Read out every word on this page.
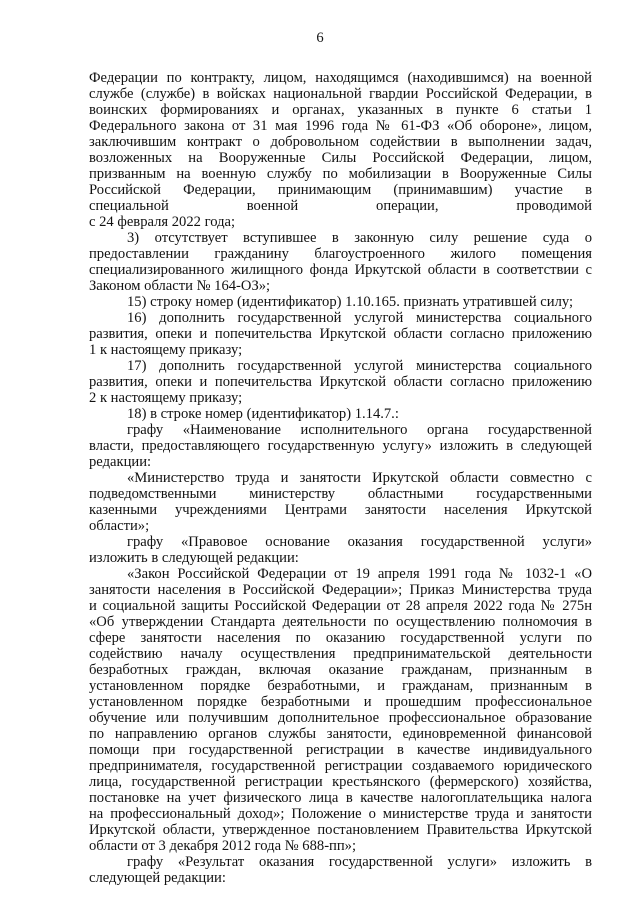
6
Федерации по контракту, лицом, находящимся (находившимся) на военной
службе (службе) в войсках национальной гвардии Российской Федерации, в
воинских формированиях и органах, указанных в пункте 6 статьи 1
Федерального закона от 31 мая 1996 года № 61-ФЗ «Об обороне», лицом,
заключившим контракт о добровольном содействии в выполнении задач,
возложенных на Вооруженные Силы Российской Федерации, лицом,
призванным на военную службу по мобилизации в Вооруженные Силы
Российской Федерации, принимающим (принимавшим) участие в
специальной военной операции, проводимой
с 24 февраля 2022 года;
3) отсутствует вступившее в законную силу решение суда о
предоставлении гражданину благоустроенного жилого помещения
специализированного жилищного фонда Иркутской области в соответствии с
Законом области № 164-ОЗ»;
15) строку номер (идентификатор) 1.10.165. признать утратившей силу;
16) дополнить государственной услугой министерства социального
развития, опеки и попечительства Иркутской области согласно приложению
1 к настоящему приказу;
17) дополнить государственной услугой министерства социального
развития, опеки и попечительства Иркутской области согласно приложению
2 к настоящему приказу;
18) в строке номер (идентификатор) 1.14.7.:
графу «Наименование исполнительного органа государственной
власти, предоставляющего государственную услугу» изложить в следующей
редакции:
«Министерство труда и занятости Иркутской области совместно с
подведомственными министерству областными государственными
казенными учреждениями Центрами занятости населения Иркутской
области»;
графу «Правовое основание оказания государственной услуги»
изложить в следующей редакции:
«Закон Российской Федерации от 19 апреля 1991 года № 1032-1 «О
занятости населения в Российской Федерации»; Приказ Министерства труда
и социальной защиты Российской Федерации от 28 апреля 2022 года № 275н
«Об утверждении Стандарта деятельности по осуществлению полномочия в
сфере занятости населения по оказанию государственной услуги по
содействию началу осуществления предпринимательской деятельности
безработных граждан, включая оказание гражданам, признанным в
установленном порядке безработными, и гражданам, признанным в
установленном порядке безработными и прошедшим профессиональное
обучение или получившим дополнительное профессиональное образование
по направлению органов службы занятости, единовременной финансовой
помощи при государственной регистрации в качестве индивидуального
предпринимателя, государственной регистрации создаваемого юридического
лица, государственной регистрации крестьянского (фермерского) хозяйства,
постановке на учет физического лица в качестве налогоплательщика налога
на профессиональный доход»; Положение о министерстве труда и занятости
Иркутской области, утвержденное постановлением Правительства Иркутской
области от 3 декабря 2012 года № 688-пп»;
графу «Результат оказания государственной услуги» изложить в
следующей редакции:
